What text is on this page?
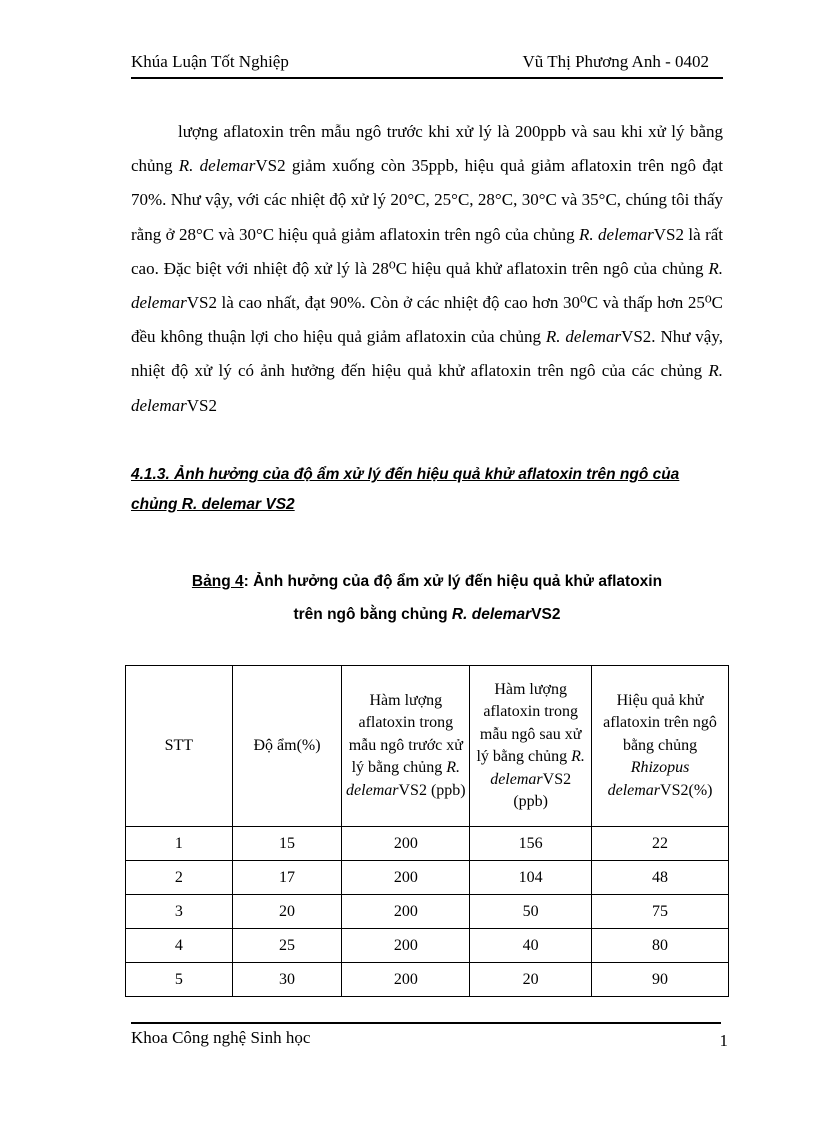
Khúa Luận Tốt Nghiệp	Vũ Thị Phương Anh - 0402

lượng aflatoxin trên mẫu ngô trước khi xử lý là 200ppb và sau khi xử lý bằng chủng R. delemarVS2 giảm xuống còn 35ppb, hiệu quả giảm aflatoxin trên ngô đạt 70%. Như vậy, với các nhiệt độ xử lý 20°C, 25°C, 28°C, 30°C và 35°C, chúng tôi thấy rằng ở 28°C và 30°C hiệu quả giảm aflatoxin trên ngô của chủng R. delemarVS2 là rất cao. Đặc biệt với nhiệt độ xử lý là 28⁰C hiệu quả khử aflatoxin trên ngô của chủng R. delemarVS2 là cao nhất, đạt 90%. Còn ở các nhiệt độ cao hơn 30⁰C và thấp hơn 25⁰C đều không thuận lợi cho hiệu quả giảm aflatoxin của chủng R. delemarVS2. Như vậy, nhiệt độ xử lý có ảnh hưởng đến hiệu quả khử aflatoxin trên ngô của các chủng R. delemarVS2

4.1.3. Ảnh hưởng của độ ẩm xử lý đến hiệu quả khử aflatoxin trên ngô của chủng R. delemar VS2
Bảng 4: Ảnh hưởng của độ ẩm xử lý đến hiệu quả khử aflatoxin
trên ngô bằng chủng R. delemarVS2
STT	Độ ẩm(%)	Hàm lượng aflatoxin trong mẫu ngô trước xử lý bằng chủng R. delemarVS2 (ppb)	Hàm lượng aflatoxin trong mẫu ngô sau xử lý bằng chủng R. delemarVS2 (ppb)	Hiệu quả khử aflatoxin trên ngô bằng chủng Rhizopus delemarVS2(%)
1	15	200	156	22
2	17	200	104	48
3	20	200	50	75
4	25	200	40	80
5	30	200	20	90
Khoa Công nghệ Sinh học	1
